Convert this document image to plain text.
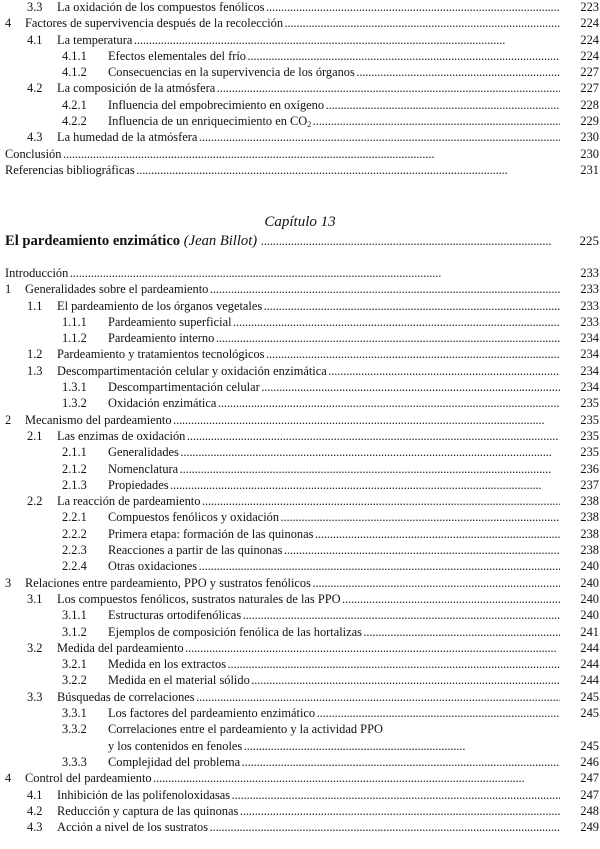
3.3 La oxidación de los compuestos fenólicos . . .	223
4 Factores de supervivencia después de la recolección . . .	224
4.1 La temperatura . . .	224
4.1.1 Efectos elementales del frío . . .	224
4.1.2 Consecuencias en la supervivencia de los órganos . . .	227
4.2 La composición de la atmósfera . . .	227
4.2.1 Influencia del empobrecimiento en oxígeno . . .	228
4.2.2 Influencia de un enriquecimiento en $CO_2$ . . .	229
4.3 La humedad de la atmósfera . . .	230
Conclusión . . .	230
Referencias bibliográficas . . .	231
Capítulo 13
El pardeamiento enzimático (Jean Billot) . . .	225
Introducción . . .	233
1 Generalidades sobre el pardeamiento . . .	233
1.1 El pardeamiento de los órganos vegetales . . .	233
1.1.1 Pardeamiento superficial . . .	233
1.1.2 Pardeamiento interno . . .	234
1.2 Pardeamiento y tratamientos tecnológicos . . .	234
1.3 Descompartimentación celular y oxidación enzimática . . .	234
1.3.1 Descompartimentación celular . . .	234
1.3.2 Oxidación enzimática . . .	235
2 Mecanismo del pardeamiento . . .	235
2.1 Las enzimas de oxidación . . .	235
2.1.1 Generalidades . . .	235
2.1.2 Nomenclatura . . .	236
2.1.3 Propiedades . . .	237
2.2 La reacción de pardeamiento . . .	238
2.2.1 Compuestos fenólicos y oxidación . . .	238
2.2.2 Primera etapa: formación de las quinonas . . .	238
2.2.3 Reacciones a partir de las quinonas . . .	238
2.2.4 Otras oxidaciones . . .	240
3 Relaciones entre pardeamiento, PPO y sustratos fenólicos . . .	240
3.1 Los compuestos fenólicos, sustratos naturales de las PPO . . .	240
3.1.1 Estructuras ortodifenólicas . . .	240
3.1.2 Ejemplos de composición fenólica de las hortalizas . . .	241
3.2 Medida del pardeamiento . . .	244
3.2.1 Medida en los extractos . . .	244
3.2.2 Medida en el material sólido . . .	244
3.3 Búsquedas de correlaciones . . .	245
3.3.1 Los factores del pardeamiento enzimático . . .	245
3.3.2 Correlaciones entre el pardeamiento y la actividad PPO
y los contenidos en fenoles . . . . . . . . . . . . . . . . . . . . . . . . . . . . . . . . . . . . . . . . . . . . . . . . . . . . . . . . . . . . . . . . . . . . . . . . . .	245
3.3.3 Complejidad del problema . . .	246
4 Control del pardeamiento . . .	247
4.1 Inhibición de las polifenoloxidasas . . .	247
4.2 Reducción y captura de las quinonas . . .	248
4.3 Acción a nivel de los sustratos . . .	249
